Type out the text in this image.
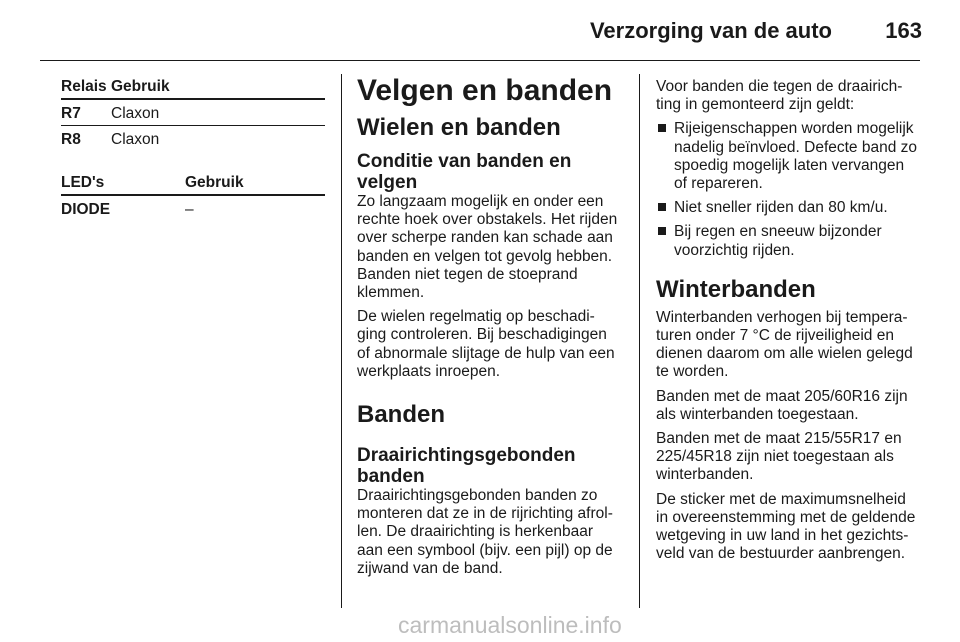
Verzorging van de auto 163
Relais Gebruik
R7	Claxon
R8	Claxon
LED's	Gebruik
DIODE	–
Velgen en banden
Wielen en banden
Conditie van banden en velgen

Zo langzaam mogelijk en onder een
rechte hoek over obstakels. Het rijden
over scherpe randen kan schade aan
banden en velgen tot gevolg hebben.
Banden niet tegen de stoeprand
klemmen.

De wielen regelmatig op beschadi-
ging controleren. Bij beschadigingen
of abnormale slijtage de hulp van een
werkplaats inroepen.

Banden
Draairichtingsgebonden
banden

Draairichtingsgebonden banden zo
monteren dat ze in de rijrichting afrol-
len. De draairichting is herkenbaar
aan een symbool (bijv. een pijl) op de
zijwand van de band.

Voor banden die tegen de draairich-
ting in gemonteerd zijn geldt:

Rijeigenschappen worden mogelijk
nadelig beïnvloed. Defecte band zo
spoedig mogelijk laten vervangen
of repareren.
Niet sneller rijden dan 80 km/u.
Bij regen en sneeuw bijzonder
voorzichtig rijden.
Winterbanden

Winterbanden verhogen bij tempera-
turen onder 7 °C de rijveiligheid en
dienen daarom om alle wielen gelegd
te worden.

Banden met de maat 205/60R16 zijn
als winterbanden toegestaan.

Banden met de maat 215/55R17 en
225/45R18 zijn niet toegestaan als
winterbanden.

De sticker met de maximumsnelheid
in overeenstemming met de geldende
wetgeving in uw land in het gezichts-
veld van de bestuurder aanbrengen.

carmanualsonline.info
